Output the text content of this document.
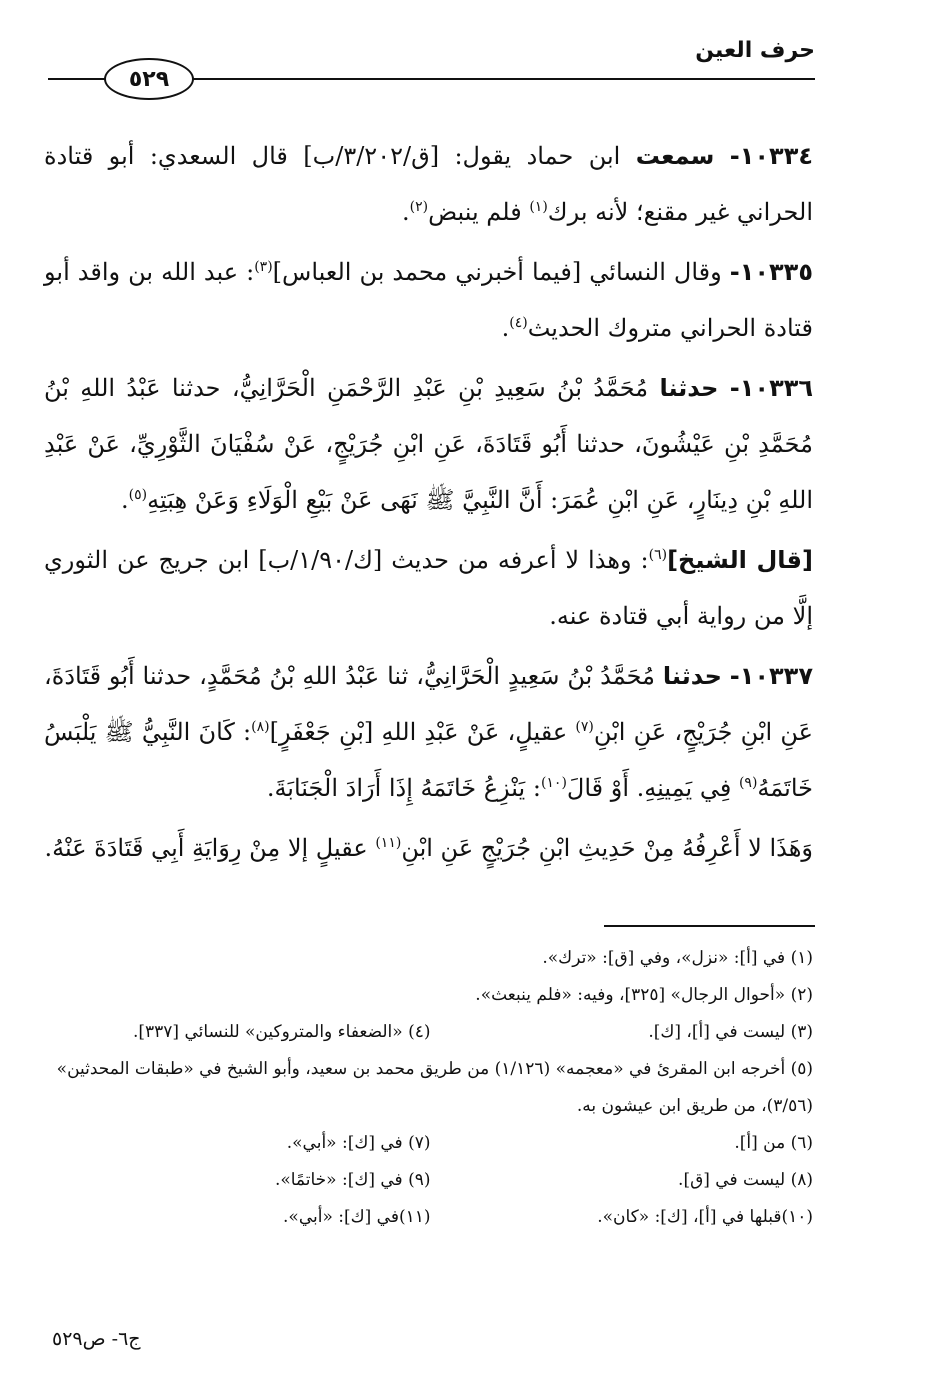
حرف العين
٥٢٩

١٠٣٣٤- سمعت ابن حماد يقول: [ق/٣/٢٠٢/ب] قال السعدي: أبو قتادة الحراني غير مقنع؛ لأنه برك$^{(١)}$ فلم ينبض$^{(٢)}$.

١٠٣٣٥- وقال النسائي [فيما أخبرني محمد بن العباس]$^{(٣)}$: عبد الله بن واقد أبو قتادة الحراني متروك الحديث$^{(٤)}$.

١٠٣٣٦- حدثنا مُحَمَّدُ بْنُ سَعِيدِ بْنِ عَبْدِ الرَّحْمَنِ الْحَرَّانِيُّ، حدثنا عَبْدُ اللهِ بْنُ مُحَمَّدِ بْنِ عَيْشُونَ، حدثنا أَبُو قَتَادَةَ، عَنِ ابْنِ جُرَيْجٍ، عَنْ سُفْيَانَ الثَّوْرِيِّ، عَنْ عَبْدِ اللهِ بْنِ دِينَارٍ، عَنِ ابْنِ عُمَرَ: أَنَّ النَّبِيَّ ﷺ نَهَى عَنْ بَيْعِ الْوَلَاءِ وَعَنْ هِبَتِهِ$^{(٥)}$.

[قال الشيخ]$^{(٦)}$: وهذا لا أعرفه من حديث [ك/١/٩٠/ب] ابن جريج عن الثوري إلَّا من رواية أبي قتادة عنه.

١٠٣٣٧- حدثنا مُحَمَّدُ بْنُ سَعِيدٍ الْحَرَّانِيُّ، ثنا عَبْدُ اللهِ بْنُ مُحَمَّدٍ، حدثنا أَبُو قَتَادَةَ، عَنِ ابْنِ جُرَيْجٍ، عَنِ ابْنِ$^{(٧)}$ عقيلٍ، عَنْ عَبْدِ اللهِ [بْنِ جَعْفَرٍ]$^{(٨)}$: كَانَ النَّبِيُّ ﷺ يَلْبَسُ خَاتَمَهُ$^{(٩)}$ فِي يَمِينِهِ. أَوْ قَالَ$^{(١٠)}$: يَنْزِعُ خَاتَمَهُ إِذَا أَرَادَ الْجَنَابَةَ.

وَهَذَا لا أَعْرِفُهُ مِنْ حَدِيثِ ابْنِ جُرَيْجٍ عَنِ ابْنِ$^{(١١)}$ عقيلٍ إلا مِنْ رِوَايَةِ أَبِي قَتَادَةَ عَنْهُ.

(١) في [أ]: «نزل»، وفي [ق]: «ترك».
(٢) «أحوال الرجال» [٣٢٥]، وفيه: «فلم ينبعث».
(٣) ليست في [أ]، [ك].
(٤) «الضعفاء والمتروكين» للنسائي [٣٣٧].
(٥) أخرجه ابن المقرئ في «معجمه» (١/١٢٦) من طريق محمد بن سعيد، وأبو الشيخ في «طبقات المحدثين» (٣/٥٦)، من طريق ابن عيشون به.
(٦) من [أ].
(٧) في [ك]: «أبي».
(٨) ليست في [ق].
(٩) في [ك]: «خاتمًا».
(١٠)قبلها في [أ]، [ك]: «كان».
(١١)في [ك]: «أبي».
ج٦- ص٥٢٩
